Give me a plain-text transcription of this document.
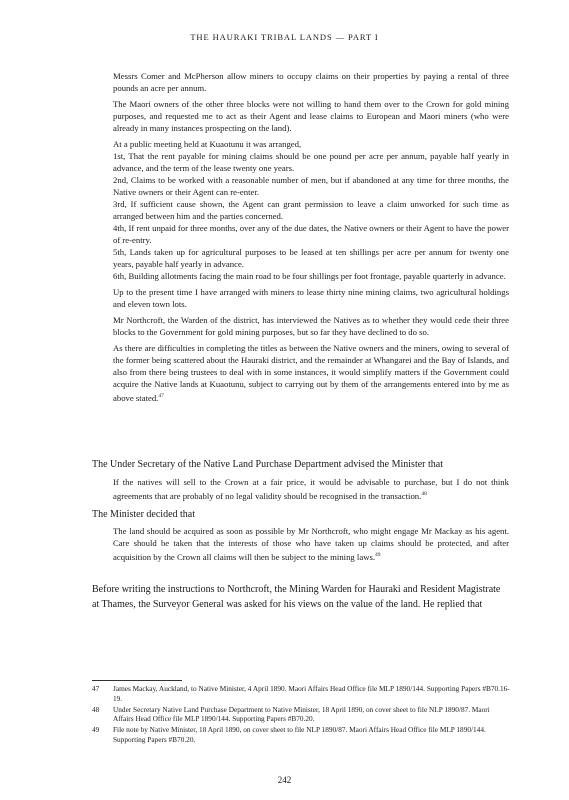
THE HAURAKI TRIBAL LANDS — PART I

Messrs Comer and McPherson allow miners to occupy claims on their properties by paying a rental of three pounds an acre per annum.

The Maori owners of the other three blocks were not willing to hand them over to the Crown for gold mining purposes, and requested me to act as their Agent and lease claims to European and Maori miners (who were already in many instances prospecting on the land).

At a public meeting held at Kuaotunu it was arranged,

1st, That the rent payable for mining claims should be one pound per acre per annum, payable half yearly in advance, and the term of the lease twenty one years.

2nd, Claims to be worked with a reasonable number of men, but if abandoned at any time for three months, the Native owners or their Agent can re-enter.

3rd, If sufficient cause shown, the Agent can grant permission to leave a claim unworked for such time as arranged between him and the parties concerned.

4th, If rent unpaid for three months, over any of the due dates, the Native owners or their Agent to have the power of re-entry.

5th, Lands taken up for agricultural purposes to be leased at ten shillings per acre per annum for twenty one years, payable half yearly in advance.

6th, Building allotments facing the main road to be four shillings per foot frontage, payable quarterly in advance.

Up to the present time I have arranged with miners to lease thirty nine mining claims, two agricultural holdings and eleven town lots.

Mr Northcroft, the Warden of the district, has interviewed the Natives as to whether they would cede their three blocks to the Government for gold mining purposes, but so far they have declined to do so.

As there are difficulties in completing the titles as between the Native owners and the miners, owing to several of the former being scattered about the Hauraki district, and the remainder at Whangarei and the Bay of Islands, and also from there being trustees to deal with in some instances, it would simplify matters if the Government could acquire the Native lands at Kuaotunu, subject to carrying out by them of the arrangements entered into by me as above stated.$^{47}$

The Under Secretary of the Native Land Purchase Department advised the Minister that

If the natives will sell to the Crown at a fair price, it would be advisable to purchase, but I do not think agreements that are probably of no legal validity should be recognised in the transaction.$^{48}$

The Minister decided that

The land should be acquired as soon as possible by Mr Northcroft, who might engage Mr Mackay as his agent. Care should be taken that the interests of those who have taken up claims should be protected, and after acquisition by the Crown all claims will then be subject to the mining laws.$^{49}$

Before writing the instructions to Northcroft, the Mining Warden for Hauraki and Resident Magistrate at Thames, the Surveyor General was asked for his views on the value of the land. He replied that

47	James Mackay, Auckland, to Native Minister, 4 April 1890. Maori Affairs Head Office file MLP 1890/144. Supporting Papers #B70.16-19.
48	Under Secretary Native Land Purchase Department to Native Minister, 18 April 1890, on cover sheet to file NLP 1890/87. Maori Affairs Head Office file MLP 1890/144. Supporting Papers #B70.20.
49	File note by Native Minister, 18 April 1890, on cover sheet to file NLP 1890/87. Maori Affairs Head Office file MLP 1890/144. Supporting Papers #B70.20.
242
